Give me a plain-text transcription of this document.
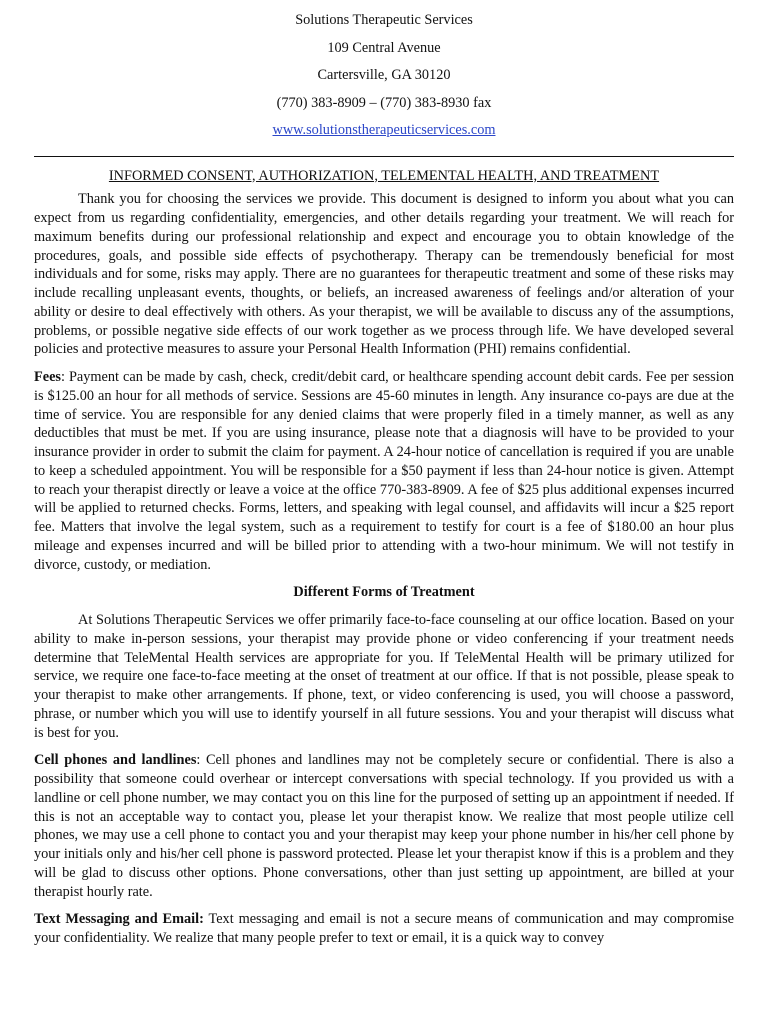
Solutions Therapeutic Services
109 Central Avenue
Cartersville, GA 30120
(770) 383-8909 – (770) 383-8930 fax
www.solutionstherapeuticservices.com
INFORMED CONSENT, AUTHORIZATION, TELEMENTAL HEALTH, AND TREATMENT

Thank you for choosing the services we provide. This document is designed to inform you about what you can expect from us regarding confidentiality, emergencies, and other details regarding your treatment. We will reach for maximum benefits during our professional relationship and expect and encourage you to obtain knowledge of the procedures, goals, and possible side effects of psychotherapy. Therapy can be tremendously beneficial for most individuals and for some, risks may apply. There are no guarantees for therapeutic treatment and some of these risks may include recalling unpleasant events, thoughts, or beliefs, an increased awareness of feelings and/or alteration of your ability or desire to deal effectively with others. As your therapist, we will be available to discuss any of the assumptions, problems, or possible negative side effects of our work together as we process through life. We have developed several policies and protective measures to assure your Personal Health Information (PHI) remains confidential.

Fees: Payment can be made by cash, check, credit/debit card, or healthcare spending account debit cards. Fee per session is $125.00 an hour for all methods of service. Sessions are 45-60 minutes in length. Any insurance co-pays are due at the time of service. You are responsible for any denied claims that were properly filed in a timely manner, as well as any deductibles that must be met. If you are using insurance, please note that a diagnosis will have to be provided to your insurance provider in order to submit the claim for payment. A 24-hour notice of cancellation is required if you are unable to keep a scheduled appointment. You will be responsible for a $50 payment if less than 24-hour notice is given. Attempt to reach your therapist directly or leave a voice at the office 770-383-8909. A fee of $25 plus additional expenses incurred will be applied to returned checks. Forms, letters, and speaking with legal counsel, and affidavits will incur a $25 report fee. Matters that involve the legal system, such as a requirement to testify for court is a fee of $180.00 an hour plus mileage and expenses incurred and will be billed prior to attending with a two-hour minimum. We will not testify in divorce, custody, or mediation.

Different Forms of Treatment

At Solutions Therapeutic Services we offer primarily face-to-face counseling at our office location. Based on your ability to make in-person sessions, your therapist may provide phone or video conferencing if your treatment needs determine that TeleMental Health services are appropriate for you. If TeleMental Health will be primary utilized for service, we require one face-to-face meeting at the onset of treatment at our office. If that is not possible, please speak to your therapist to make other arrangements. If phone, text, or video conferencing is used, you will choose a password, phrase, or number which you will use to identify yourself in all future sessions. You and your therapist will discuss what is best for you.

Cell phones and landlines: Cell phones and landlines may not be completely secure or confidential. There is also a possibility that someone could overhear or intercept conversations with special technology. If you provided us with a landline or cell phone number, we may contact you on this line for the purposed of setting up an appointment if needed. If this is not an acceptable way to contact you, please let your therapist know. We realize that most people utilize cell phones, we may use a cell phone to contact you and your therapist may keep your phone number in his/her cell phone by your initials only and his/her cell phone is password protected. Please let your therapist know if this is a problem and they will be glad to discuss other options. Phone conversations, other than just setting up appointment, are billed at your therapist hourly rate.

Text Messaging and Email: Text messaging and email is not a secure means of communication and may compromise your confidentiality. We realize that many people prefer to text or email, it is a quick way to convey
